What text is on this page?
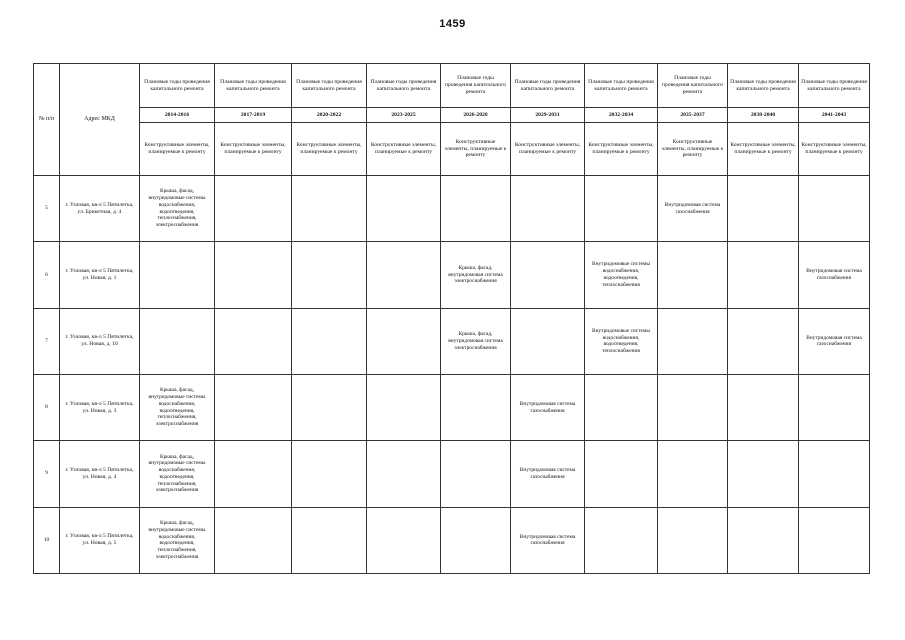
1459
№ п/п	Адрес МКД	Плановые годы проведения капитального ремонта	Плановые годы проведения капитального ремонта	Плановые годы проведения капитального ремонта	Плановые годы проведения капитального ремонта	Плановые годы проведения капитального ремонта	Плановые годы проведения капитального ремонта	Плановые годы проведения капитального ремонта	Плановые годы проведения капитального ремонта	Плановые годы проведения капитального ремонта	Плановые годы проведения капитального ремонта
		2014-2016	2017-2019	2020-2022	2023-2025	2026-2028	2029-2031	2032-2034	2035-2037	2038-2040	2041-2043
		Конструктивные элементы, планируемые к ремонту	Конструктивные элементы, планируемые к ремонту	Конструктивные элементы, планируемые к ремонту	Конструктивные элементы, планируемые к ремонту	Конструктивные элементы, планируемые к ремонту	Конструктивные элементы, планируемые к ремонту	Конструктивные элементы, планируемые к ремонту	Конструктивные элементы, планируемые к ремонту	Конструктивные элементы, планируемые к ремонту	Конструктивные элементы, планируемые к ремонту
5	г. Узловая, кв-л 5 Пятилетка, ул. Брикетная, д. 4	Крыша, фасад, внутридомовые системы водоснабжения, водоотведения, теплоснабжения, электроснабжения							Внутридомовая система газоснабжения		
6	г. Узловая, кв-л 5 Пятилетка, ул. Новая, д. 1					Крыша, фасад, внутридомовая система электроснабжения		Внутридомовые системы водоснабжения, водоотведения, теплоснабжения			Внутридомовая система газоснабжения
7	г. Узловая, кв-л 5 Пятилетка, ул. Новая, д. 10					Крыша, фасад, внутридомовая система электроснабжения		Внутридомовые системы водоснабжения, водоотведения, теплоснабжения			Внутридомовая система газоснабжения
8	г. Узловая, кв-л 5 Пятилетка, ул. Новая, д. 3	Крыша, фасад, внутридомовые системы водоснабжения, водоотведения, теплоснабжения, электроснабжения					Внутридомовая система газоснабжения				
9	г. Узловая, кв-л 5 Пятилетка, ул. Новая, д. 4	Крыша, фасад, внутридомовые системы водоснабжения, водоотведения, теплоснабжения, электроснабжения					Внутридомовая система газоснабжения				
10	г. Узловая, кв-л 5 Пятилетка, ул. Новая, д. 5	Крыша, фасад, внутридомовые системы водоснабжения, водоотведения, теплоснабжения, электроснабжения					Внутридомовая система газоснабжения				
